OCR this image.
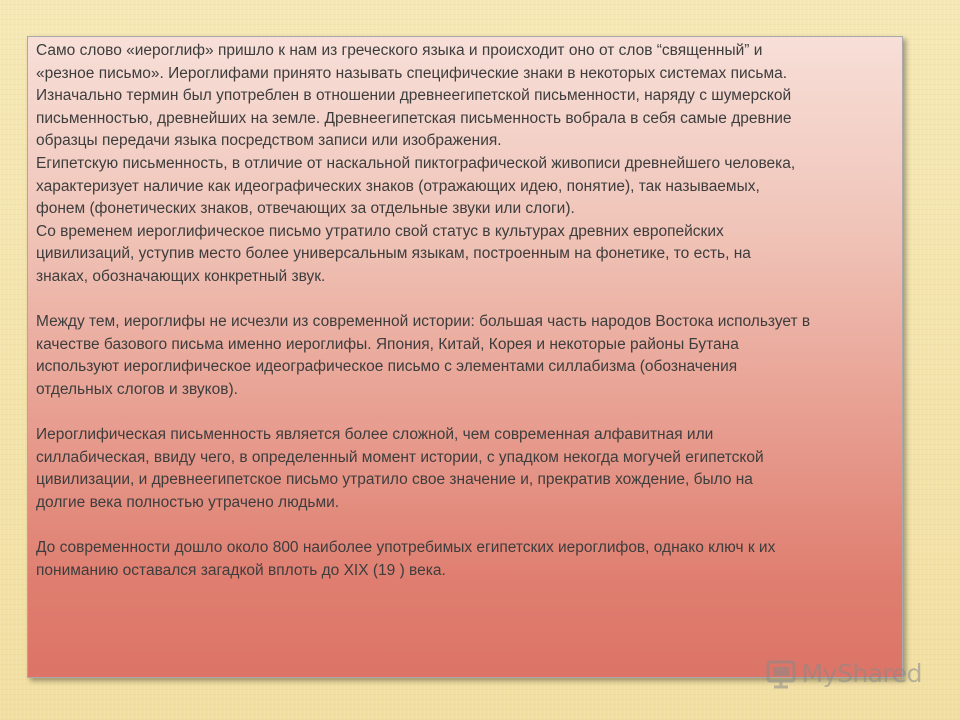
Само слово «иероглиф» пришло к нам из греческого языка и происходит оно от слов “священный” и

«резное письмо». Иероглифами принято называть специфические знаки в некоторых системах письма.

Изначально термин был употреблен в отношении древнеегипетской письменности, наряду с шумерской

письменностью, древнейших на земле. Древнеегипетская письменность вобрала в себя самые древние

образцы передачи языка посредством записи или изображения.

Египетскую письменность, в отличие от наскальной пиктографической живописи древнейшего человека,

характеризует наличие как идеографических знаков (отражающих идею, понятие), так называемых,

фонем (фонетических знаков, отвечающих за отдельные звуки или слоги).

Со временем иероглифическое письмо утратило свой статус в культурах древних европейских

цивилизаций, уступив место более универсальным языкам, построенным на фонетике, то есть, на

знаках, обозначающих конкретный звук.

Между тем, иероглифы не исчезли из современной истории: большая часть народов Востока использует в

качестве базового письма именно иероглифы. Япония, Китай, Корея и некоторые районы Бутана

используют иероглифическое идеографическое письмо с элементами силлабизма (обозначения

отдельных слогов и звуков).

Иероглифическая письменность является более сложной, чем современная алфавитная или

силлабическая, ввиду чего, в определенный момент истории, с упадком некогда могучей египетской

цивилизации, и древнеегипетское письмо утратило свое значение и, прекратив хождение, было на

долгие века полностью утрачено людьми.

До современности дошло около 800 наиболее употребимых египетских иероглифов, однако ключ к их

пониманию оставался загадкой вплоть до XIX (19 ) века.

MyShared
